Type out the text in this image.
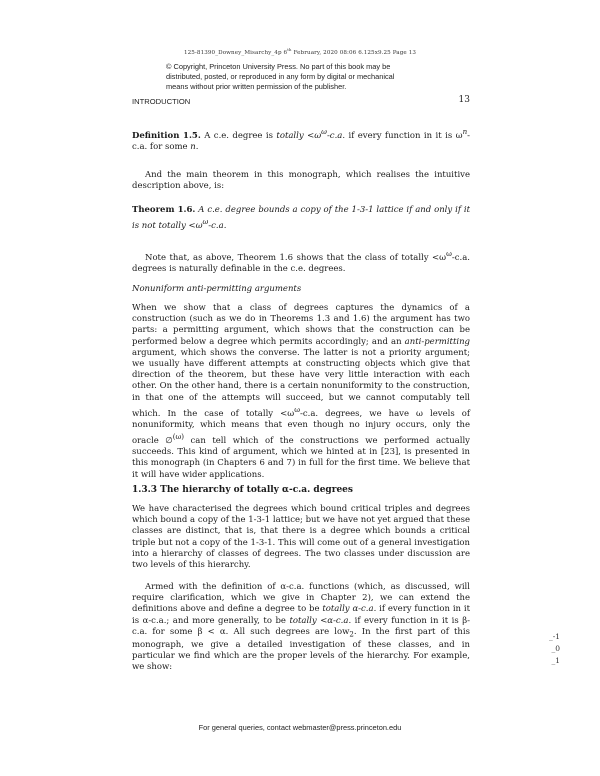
125-81390_Downey_Misarchy_4p 6th February, 2020 08:06 6.125x9.25 Page 13
© Copyright, Princeton University Press. No part of this book may be
distributed, posted, or reproduced in any form by digital or mechanical
means without prior written permission of the publisher.
INTRODUCTION	13
Definition 1.5. A c.e. degree is totally $<\omega^\omega-c.a$. if every function in it is $\omega^n-c.a$. for some n.
And the main theorem in this monograph, which realises the intuitive description above, is:
Theorem 1.6. A c.e. degree bounds a copy of the 1-3-1 lattice if and only if it is not totally $<\omega^\omega-c.a$.
Note that, as above, Theorem 1.6 shows that the class of totally $<\omega^\omega-c.a$. degrees is naturally definable in the c.e. degrees.
Nonuniform anti-permitting arguments
When we show that a class of degrees captures the dynamics of a construction (such as we do in Theorems 1.3 and 1.6) the argument has two parts: a permitting argument, which shows that the construction can be performed below a degree which permits accordingly; and an anti-permitting argument, which shows the converse. The latter is not a priority argument; we usually have different attempts at constructing objects which give that direction of the theorem, but these have very little interaction with each other. On the other hand, there is a certain nonuniformity to the construction, in that one of the attempts will succeed, but we cannot computably tell which. In the case of totally $<\omega^\omega-c.a$. degrees, we have ω levels of nonuniformity, which means that even though no injury occurs, only the oracle ∅$^{(\omega)}$ can tell which of the constructions we performed actually succeeds. This kind of argument, which we hinted at in [23], is presented in this monograph (in Chapters 6 and 7) in full for the first time. We believe that it will have wider applications.
1.3.3 The hierarchy of totally α-c.a. degrees
We have characterised the degrees which bound critical triples and degrees which bound a copy of the 1-3-1 lattice; but we have not yet argued that these classes are distinct, that is, that there is a degree which bounds a critical triple but not a copy of the 1-3-1. This will come out of a general investigation into a hierarchy of classes of degrees. The two classes under discussion are two levels of this hierarchy.
Armed with the definition of α-c.a. functions (which, as discussed, will require clarification, which we give in Chapter 2), we can extend the definitions above and define a degree to be totally α-c.a. if every function in it is α-c.a.; and more generally, to be totally <α-c.a. if every function in it is β-c.a. for some β < α. All such degrees are low$_2$. In the first part of this monograph, we give a detailed investigation of these classes, and in particular we find which are the proper levels of the hierarchy. For example, we show:
_-1
_0
_1
For general queries, contact webmaster@press.princeton.edu
